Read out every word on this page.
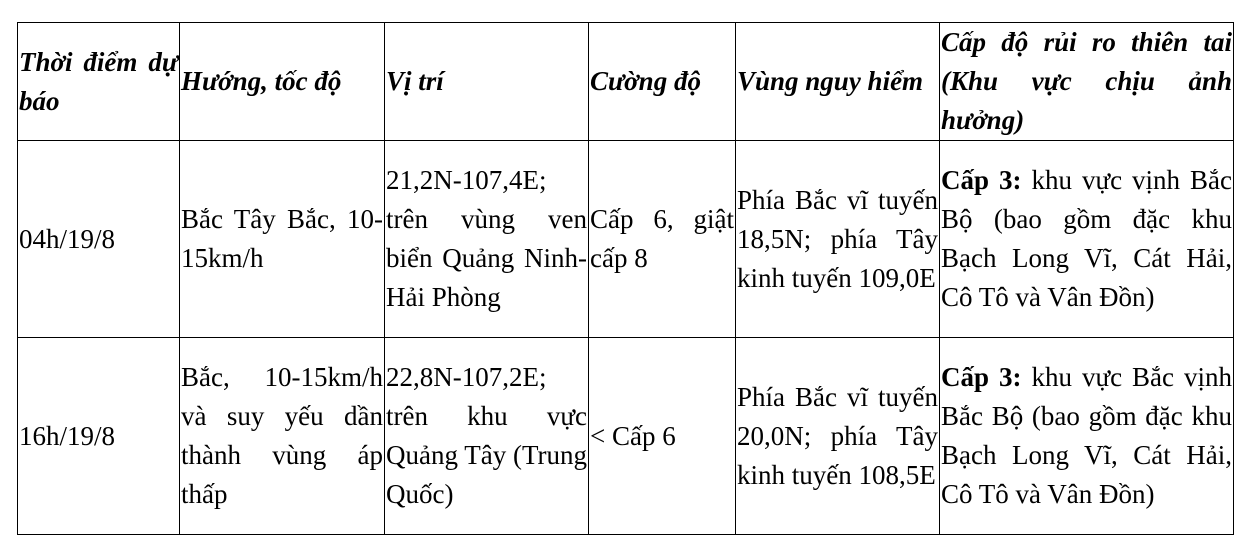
Thời điểm dự báo	Hướng, tốc độ	Vị trí	Cường độ	Vùng nguy hiểm	Cấp độ rủi ro thiên tai (Khu vực chịu ảnh hưởng)
04h/19/8	Bắc Tây Bắc, 10-15km/h	21,2N-107,4E; trên vùng ven biển Quảng Ninh-Hải Phòng	Cấp 6, giật cấp 8	Phía Bắc vĩ tuyến 18,5N; phía Tây kinh tuyến 109,0E	Cấp 3: khu vực vịnh Bắc Bộ (bao gồm đặc khu Bạch Long Vĩ, Cát Hải, Cô Tô và Vân Đồn)
16h/19/8	Bắc, 10-15km/h và suy yếu dần thành vùng áp thấp	22,8N-107,2E; trên khu vực Quảng Tây (Trung Quốc)	< Cấp 6	Phía Bắc vĩ tuyến 20,0N; phía Tây kinh tuyến 108,5E	Cấp 3: khu vực Bắc vịnh Bắc Bộ (bao gồm đặc khu Bạch Long Vĩ, Cát Hải, Cô Tô và Vân Đồn)
